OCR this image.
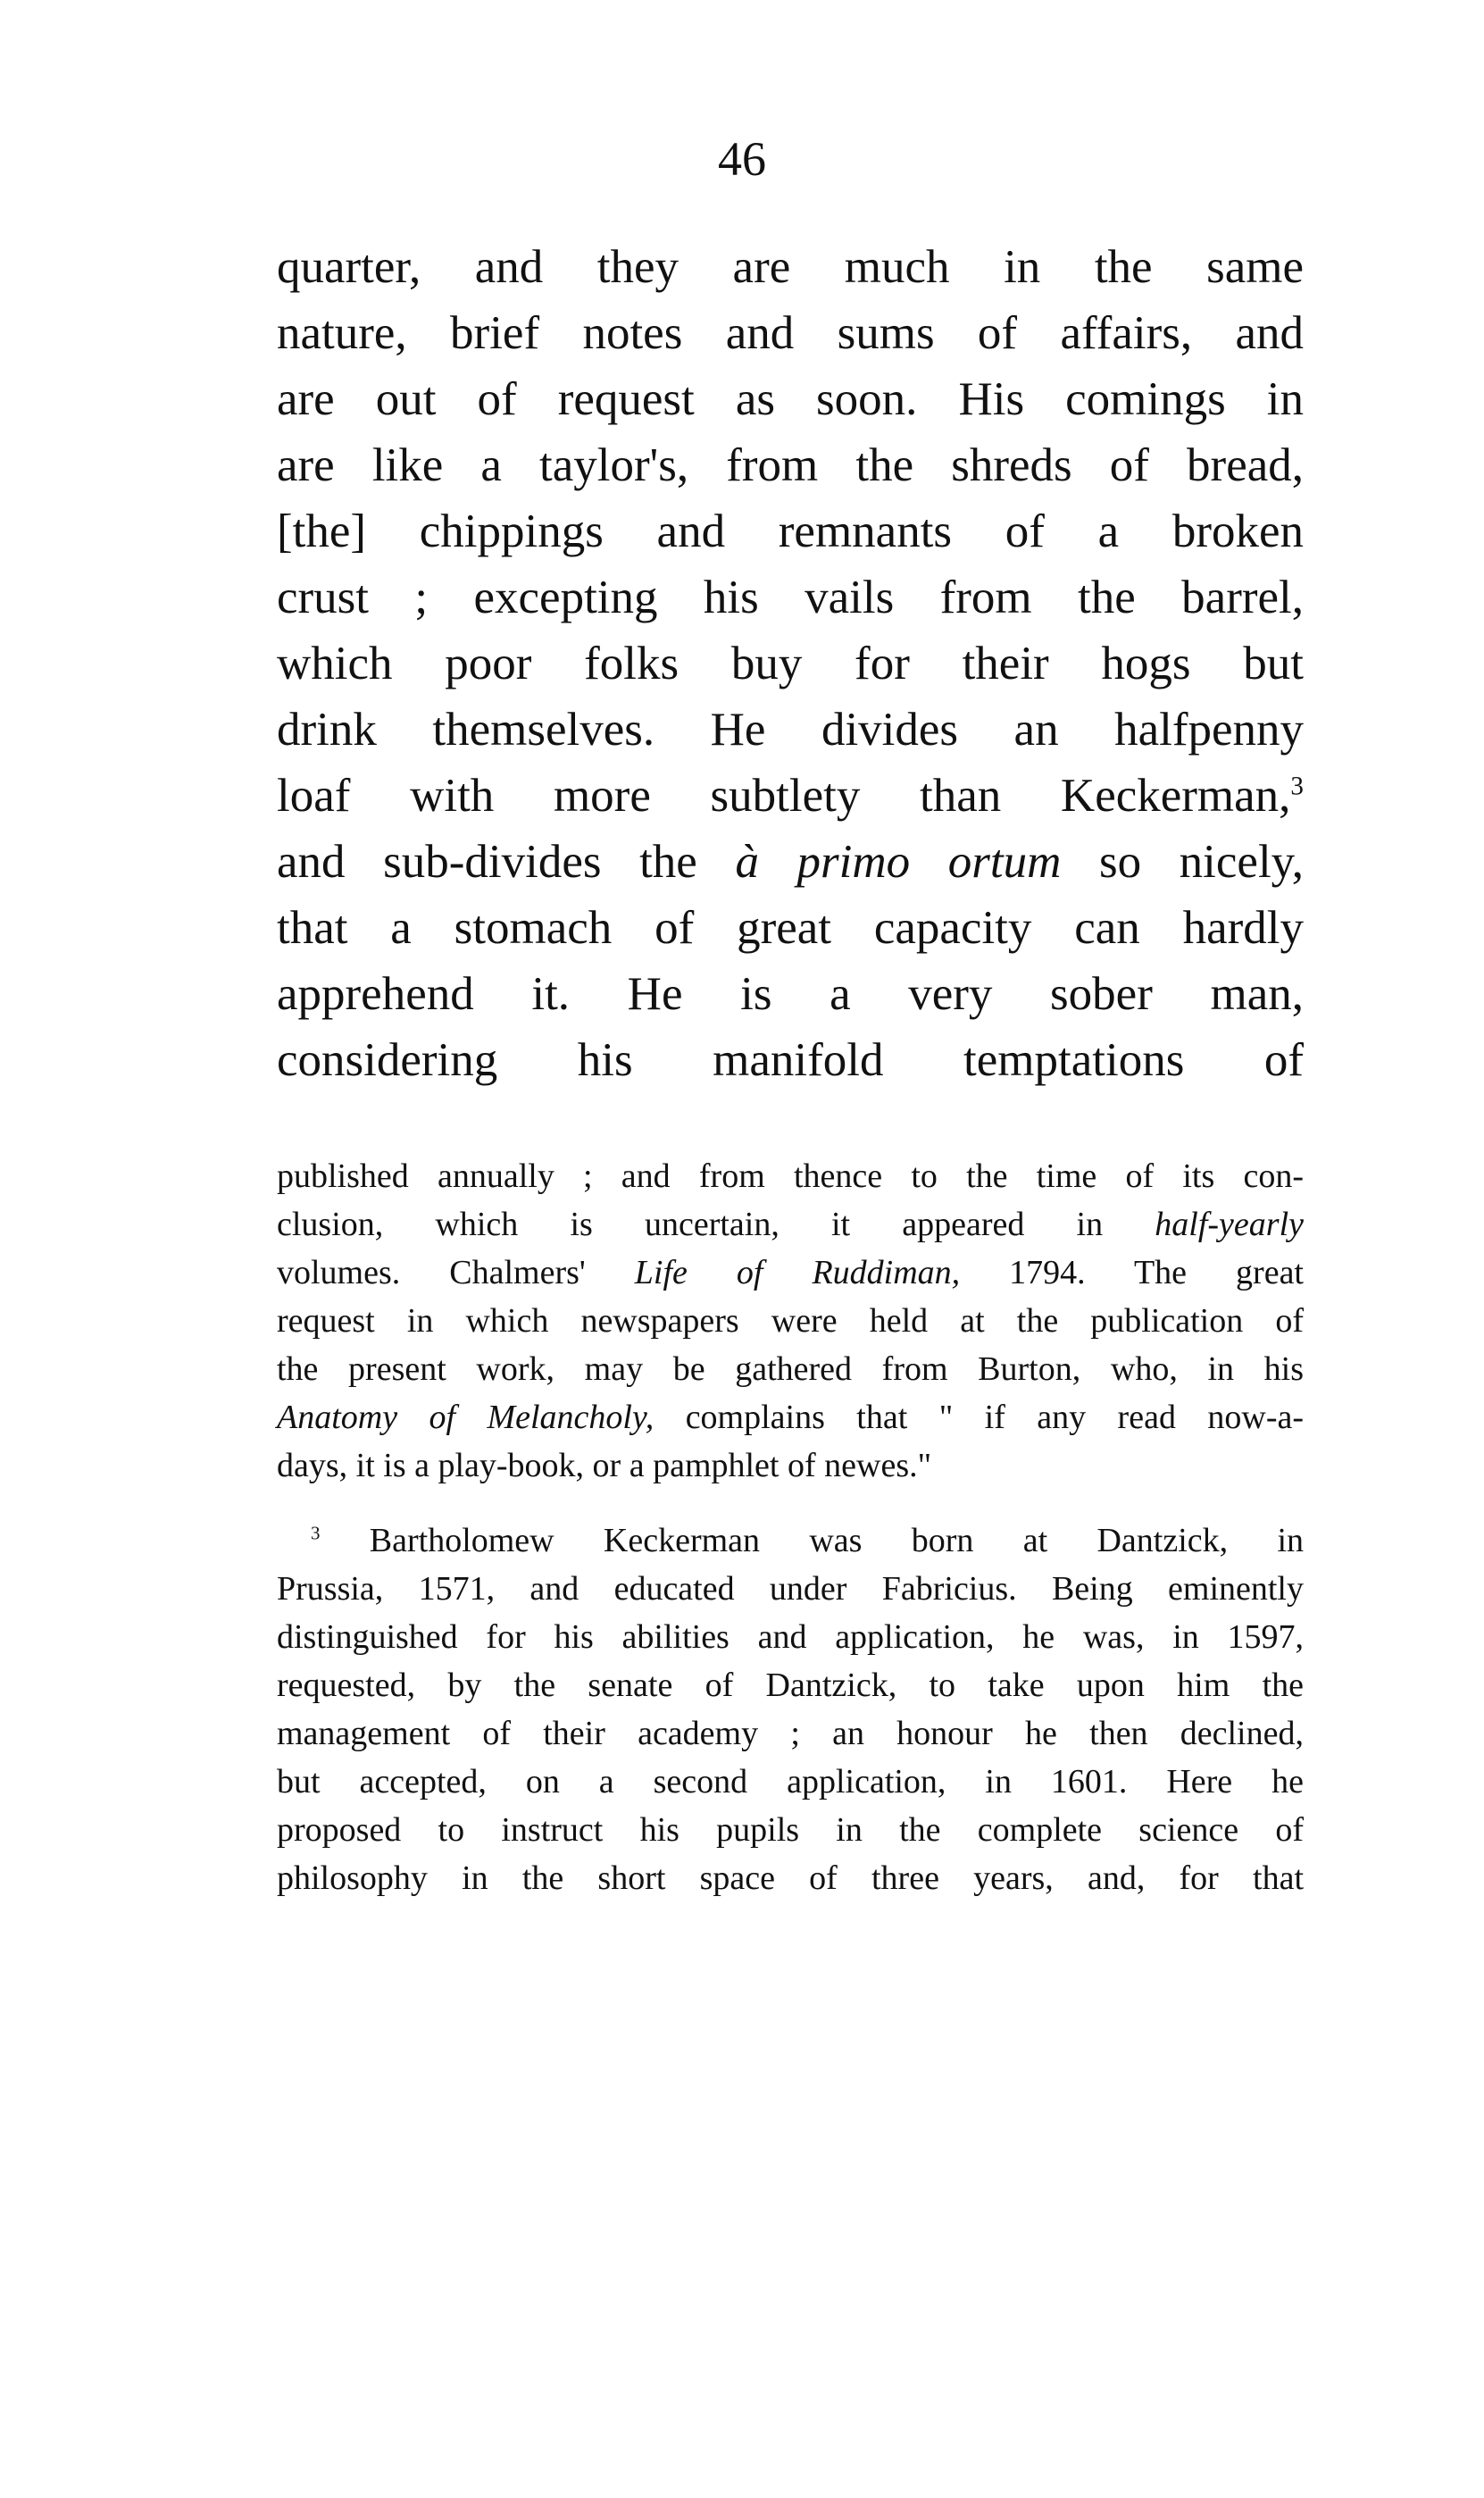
46
quarter, and they are much in the same
nature, brief notes and sums of affairs, and
are out of request as soon. His comings in
are like a taylor's, from the shreds of bread,
[the] chippings and remnants of a broken
crust ; excepting his vails from the barrel,
which poor folks buy for their hogs but
drink themselves. He divides an halfpenny
loaf with more subtlety than Keckerman,$^3$
and sub-divides the à primo ortum so nicely,
that a stomach of great capacity can hardly
apprehend it. He is a very sober man,
considering his manifold temptations of
published annually ; and from thence to the time of its con-
clusion, which is uncertain, it appeared in half-yearly
volumes. Chalmers' Life of Ruddiman, 1794. The great
request in which newspapers were held at the publication of
the present work, may be gathered from Burton, who, in his
Anatomy of Melancholy, complains that " if any read now-a-
days, it is a play-book, or a pamphlet of newes."
$^3$ Bartholomew Keckerman was born at Dantzick, in
Prussia, 1571, and educated under Fabricius. Being eminently
distinguished for his abilities and application, he was, in 1597,
requested, by the senate of Dantzick, to take upon him the
management of their academy ; an honour he then declined,
but accepted, on a second application, in 1601. Here he
proposed to instruct his pupils in the complete science of
philosophy in the short space of three years, and, for that
